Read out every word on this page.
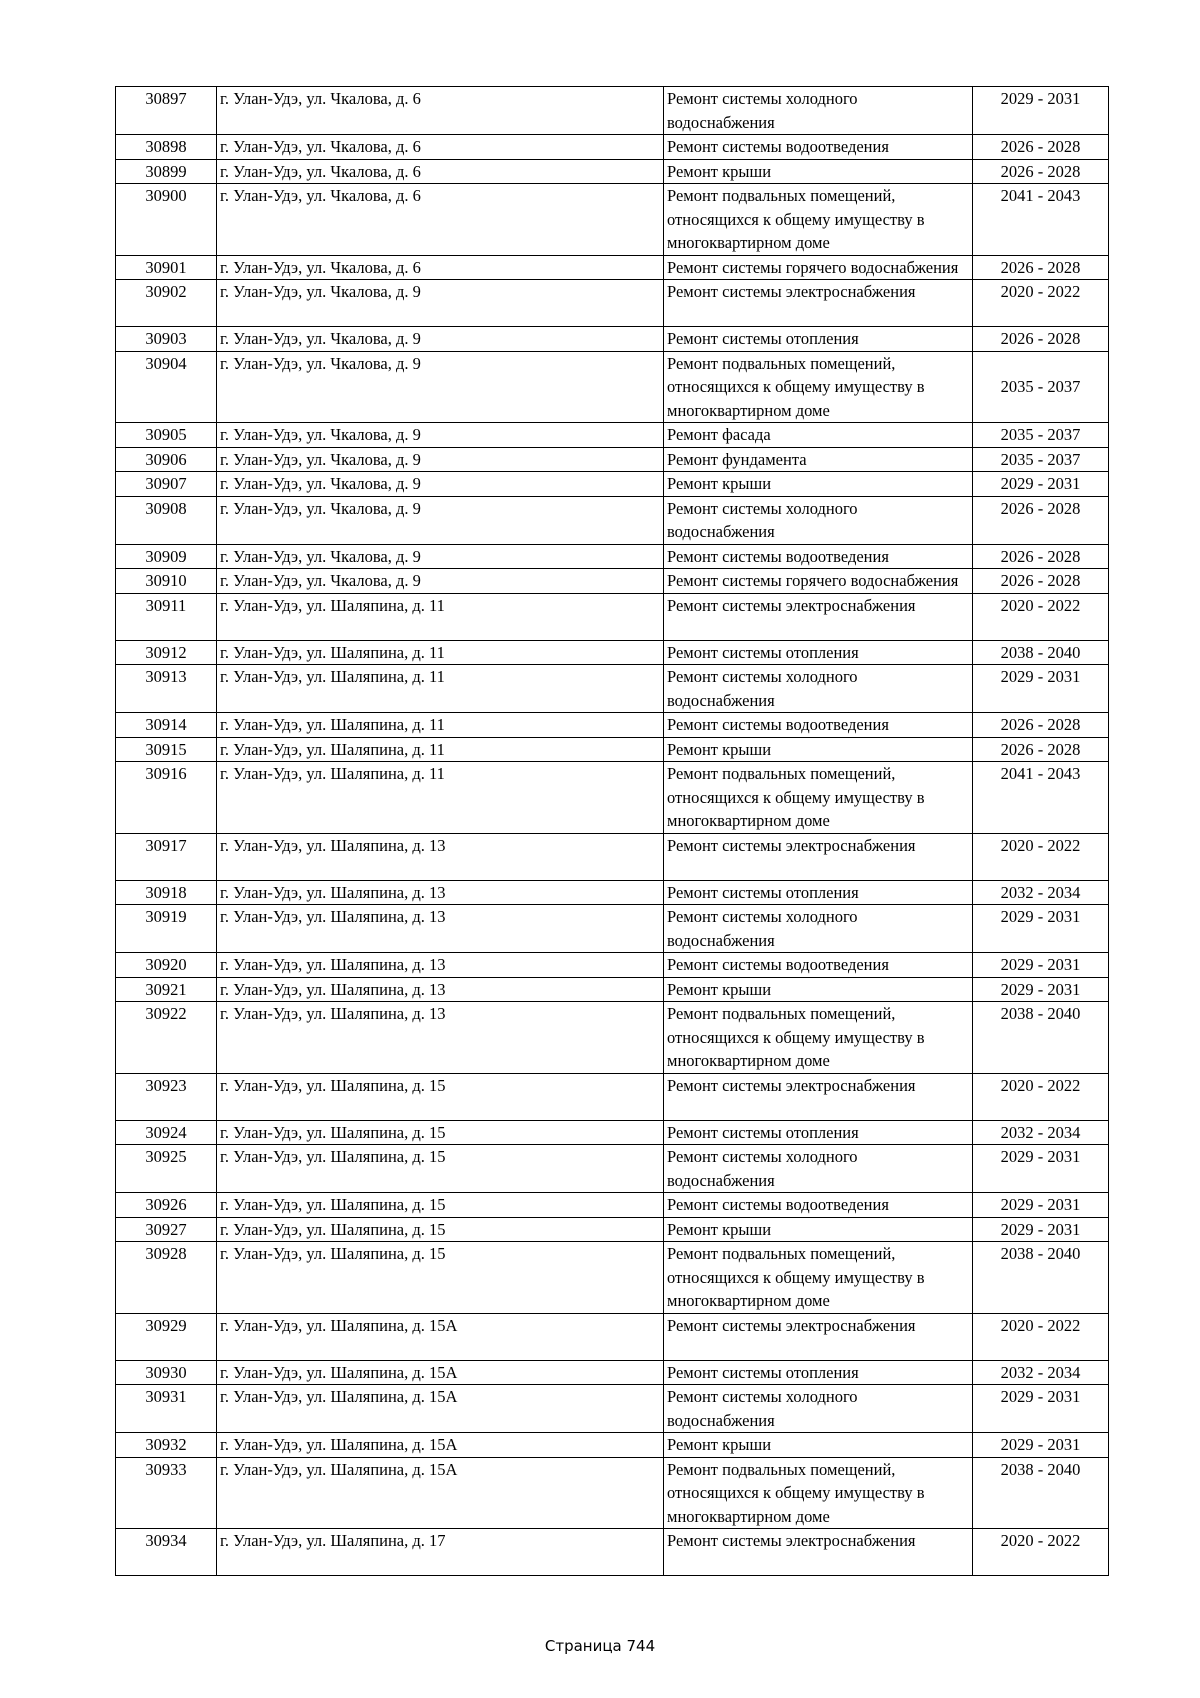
30897	г. Улан-Удэ, ул. Чкалова, д. 6	Ремонт системы холодного водоснабжения	2029 - 2031
30898	г. Улан-Удэ, ул. Чкалова, д. 6	Ремонт системы водоотведения	2026 - 2028
30899	г. Улан-Удэ, ул. Чкалова, д. 6	Ремонт крыши	2026 - 2028
30900	г. Улан-Удэ, ул. Чкалова, д. 6	Ремонт подвальных помещений, относящихся к общему имуществу в многоквартирном доме	2041 - 2043
30901	г. Улан-Удэ, ул. Чкалова, д. 6	Ремонт системы горячего водоснабжения	2026 - 2028
30902	г. Улан-Удэ, ул. Чкалова, д. 9	Ремонт системы электроснабжения	2020 - 2022
30903	г. Улан-Удэ, ул. Чкалова, д. 9	Ремонт системы отопления	2026 - 2028
30904	г. Улан-Удэ, ул. Чкалова, д. 9	Ремонт подвальных помещений, относящихся к общему имуществу в многоквартирном доме	2035 - 2037
30905	г. Улан-Удэ, ул. Чкалова, д. 9	Ремонт фасада	2035 - 2037
30906	г. Улан-Удэ, ул. Чкалова, д. 9	Ремонт фундамента	2035 - 2037
30907	г. Улан-Удэ, ул. Чкалова, д. 9	Ремонт крыши	2029 - 2031
30908	г. Улан-Удэ, ул. Чкалова, д. 9	Ремонт системы холодного водоснабжения	2026 - 2028
30909	г. Улан-Удэ, ул. Чкалова, д. 9	Ремонт системы водоотведения	2026 - 2028
30910	г. Улан-Удэ, ул. Чкалова, д. 9	Ремонт системы горячего водоснабжения	2026 - 2028
30911	г. Улан-Удэ, ул. Шаляпина, д. 11	Ремонт системы электроснабжения	2020 - 2022
30912	г. Улан-Удэ, ул. Шаляпина, д. 11	Ремонт системы отопления	2038 - 2040
30913	г. Улан-Удэ, ул. Шаляпина, д. 11	Ремонт системы холодного водоснабжения	2029 - 2031
30914	г. Улан-Удэ, ул. Шаляпина, д. 11	Ремонт системы водоотведения	2026 - 2028
30915	г. Улан-Удэ, ул. Шаляпина, д. 11	Ремонт крыши	2026 - 2028
30916	г. Улан-Удэ, ул. Шаляпина, д. 11	Ремонт подвальных помещений, относящихся к общему имуществу в многоквартирном доме	2041 - 2043
30917	г. Улан-Удэ, ул. Шаляпина, д. 13	Ремонт системы электроснабжения	2020 - 2022
30918	г. Улан-Удэ, ул. Шаляпина, д. 13	Ремонт системы отопления	2032 - 2034
30919	г. Улан-Удэ, ул. Шаляпина, д. 13	Ремонт системы холодного водоснабжения	2029 - 2031
30920	г. Улан-Удэ, ул. Шаляпина, д. 13	Ремонт системы водоотведения	2029 - 2031
30921	г. Улан-Удэ, ул. Шаляпина, д. 13	Ремонт крыши	2029 - 2031
30922	г. Улан-Удэ, ул. Шаляпина, д. 13	Ремонт подвальных помещений, относящихся к общему имуществу в многоквартирном доме	2038 - 2040
30923	г. Улан-Удэ, ул. Шаляпина, д. 15	Ремонт системы электроснабжения	2020 - 2022
30924	г. Улан-Удэ, ул. Шаляпина, д. 15	Ремонт системы отопления	2032 - 2034
30925	г. Улан-Удэ, ул. Шаляпина, д. 15	Ремонт системы холодного водоснабжения	2029 - 2031
30926	г. Улан-Удэ, ул. Шаляпина, д. 15	Ремонт системы водоотведения	2029 - 2031
30927	г. Улан-Удэ, ул. Шаляпина, д. 15	Ремонт крыши	2029 - 2031
30928	г. Улан-Удэ, ул. Шаляпина, д. 15	Ремонт подвальных помещений, относящихся к общему имуществу в многоквартирном доме	2038 - 2040
30929	г. Улан-Удэ, ул. Шаляпина, д. 15А	Ремонт системы электроснабжения	2020 - 2022
30930	г. Улан-Удэ, ул. Шаляпина, д. 15А	Ремонт системы отопления	2032 - 2034
30931	г. Улан-Удэ, ул. Шаляпина, д. 15А	Ремонт системы холодного водоснабжения	2029 - 2031
30932	г. Улан-Удэ, ул. Шаляпина, д. 15А	Ремонт крыши	2029 - 2031
30933	г. Улан-Удэ, ул. Шаляпина, д. 15А	Ремонт подвальных помещений, относящихся к общему имуществу в многоквартирном доме	2038 - 2040
30934	г. Улан-Удэ, ул. Шаляпина, д. 17	Ремонт системы электроснабжения	2020 - 2022
Страница 744
